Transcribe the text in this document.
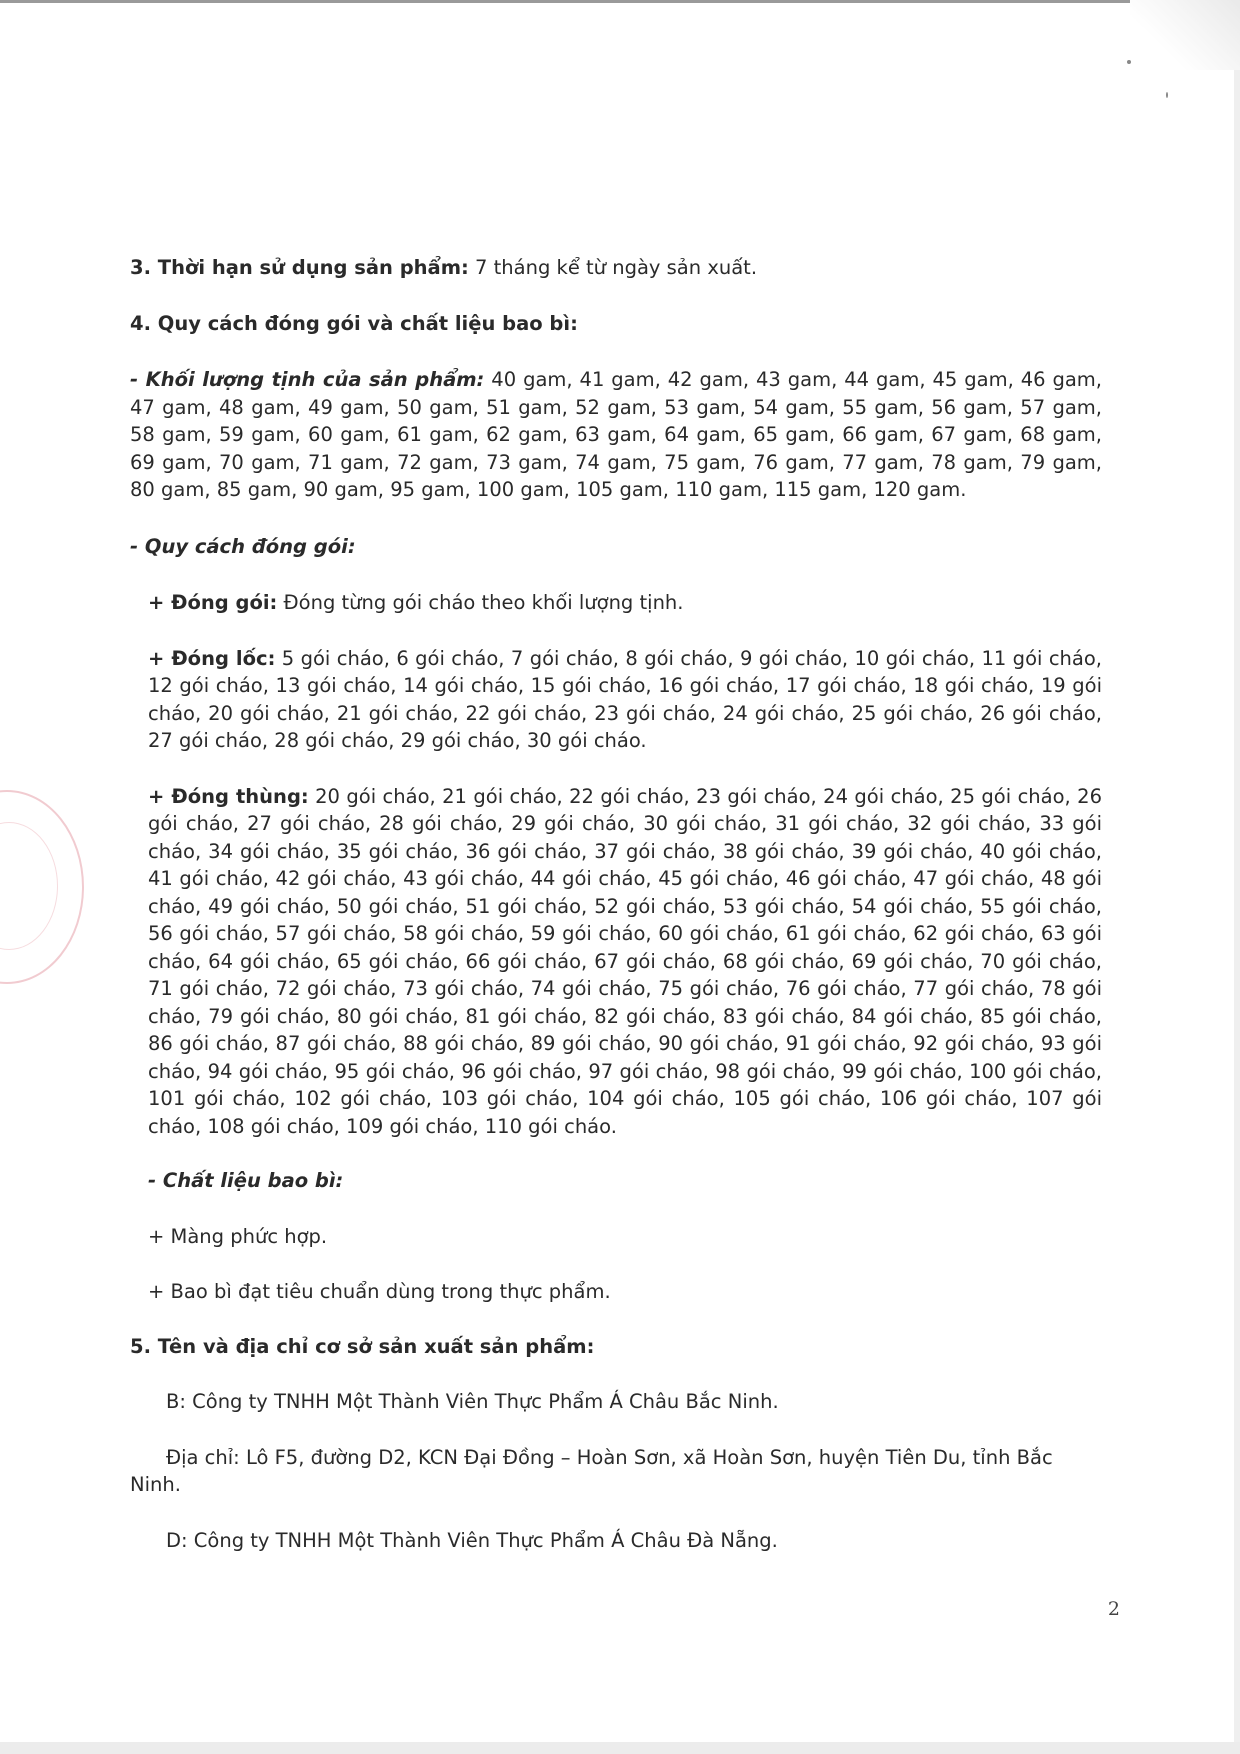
3. Thời hạn sử dụng sản phẩm: 7 tháng kể từ ngày sản xuất.

4. Quy cách đóng gói và chất liệu bao bì:

- Khối lượng tịnh của sản phẩm: 40 gam, 41 gam, 42 gam, 43 gam, 44 gam, 45 gam, 46 gam, 47 gam, 48 gam, 49 gam, 50 gam, 51 gam, 52 gam, 53 gam, 54 gam, 55 gam, 56 gam, 57 gam, 58 gam, 59 gam, 60 gam, 61 gam, 62 gam, 63 gam, 64 gam, 65 gam, 66 gam, 67 gam, 68 gam, 69 gam, 70 gam, 71 gam, 72 gam, 73 gam, 74 gam, 75 gam, 76 gam, 77 gam, 78 gam, 79 gam, 80 gam, 85 gam, 90 gam, 95 gam, 100 gam, 105 gam, 110 gam, 115 gam, 120 gam.

- Quy cách đóng gói:

+ Đóng gói: Đóng từng gói cháo theo khối lượng tịnh.

+ Đóng lốc: 5 gói cháo, 6 gói cháo, 7 gói cháo, 8 gói cháo, 9 gói cháo, 10 gói cháo, 11 gói cháo, 12 gói cháo, 13 gói cháo, 14 gói cháo, 15 gói cháo, 16 gói cháo, 17 gói cháo, 18 gói cháo, 19 gói cháo, 20 gói cháo, 21 gói cháo, 22 gói cháo, 23 gói cháo, 24 gói cháo, 25 gói cháo, 26 gói cháo, 27 gói cháo, 28 gói cháo, 29 gói cháo, 30 gói cháo.

+ Đóng thùng: 20 gói cháo, 21 gói cháo, 22 gói cháo, 23 gói cháo, 24 gói cháo, 25 gói cháo, 26 gói cháo, 27 gói cháo, 28 gói cháo, 29 gói cháo, 30 gói cháo, 31 gói cháo, 32 gói cháo, 33 gói cháo, 34 gói cháo, 35 gói cháo, 36 gói cháo, 37 gói cháo, 38 gói cháo, 39 gói cháo, 40 gói cháo, 41 gói cháo, 42 gói cháo, 43 gói cháo, 44 gói cháo, 45 gói cháo, 46 gói cháo, 47 gói cháo, 48 gói cháo, 49 gói cháo, 50 gói cháo, 51 gói cháo, 52 gói cháo, 53 gói cháo, 54 gói cháo, 55 gói cháo, 56 gói cháo, 57 gói cháo, 58 gói cháo, 59 gói cháo, 60 gói cháo, 61 gói cháo, 62 gói cháo, 63 gói cháo, 64 gói cháo, 65 gói cháo, 66 gói cháo, 67 gói cháo, 68 gói cháo, 69 gói cháo, 70 gói cháo, 71 gói cháo, 72 gói cháo, 73 gói cháo, 74 gói cháo, 75 gói cháo, 76 gói cháo, 77 gói cháo, 78 gói cháo, 79 gói cháo, 80 gói cháo, 81 gói cháo, 82 gói cháo, 83 gói cháo, 84 gói cháo, 85 gói cháo, 86 gói cháo, 87 gói cháo, 88 gói cháo, 89 gói cháo, 90 gói cháo, 91 gói cháo, 92 gói cháo, 93 gói cháo, 94 gói cháo, 95 gói cháo, 96 gói cháo, 97 gói cháo, 98 gói cháo, 99 gói cháo, 100 gói cháo, 101 gói cháo, 102 gói cháo, 103 gói cháo, 104 gói cháo, 105 gói cháo, 106 gói cháo, 107 gói cháo, 108 gói cháo, 109 gói cháo, 110 gói cháo.

- Chất liệu bao bì:

+ Màng phức hợp.

+ Bao bì đạt tiêu chuẩn dùng trong thực phẩm.

5. Tên và địa chỉ cơ sở sản xuất sản phẩm:

B: Công ty TNHH Một Thành Viên Thực Phẩm Á Châu Bắc Ninh.

Địa chỉ: Lô F5, đường D2, KCN Đại Đồng – Hoàn Sơn, xã Hoàn Sơn, huyện Tiên Du, tỉnh Bắc Ninh.

D: Công ty TNHH Một Thành Viên Thực Phẩm Á Châu Đà Nẵng.

2
